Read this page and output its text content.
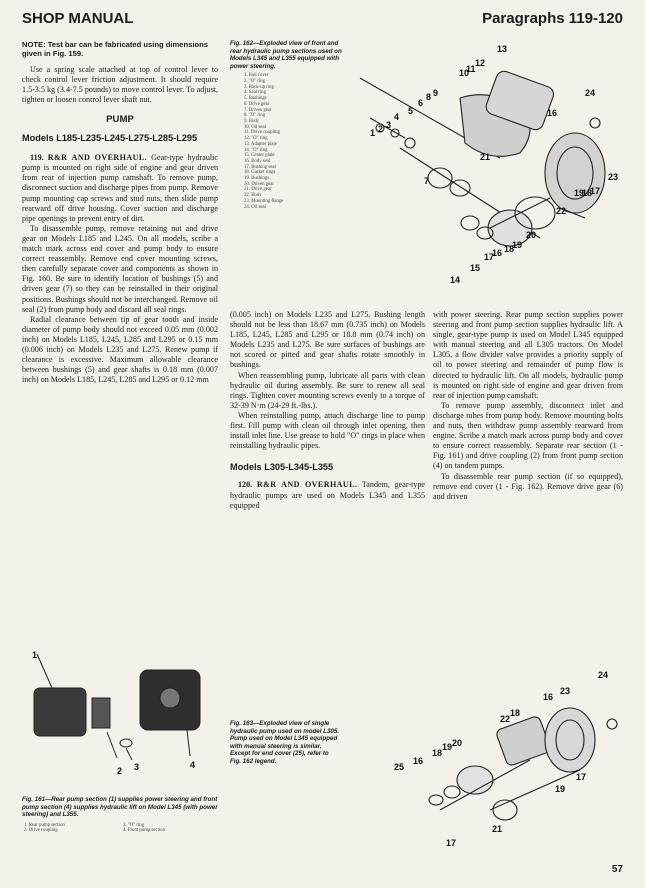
SHOP MANUAL	Paragraphs 119-120
NOTE: Test bar can be fabricated using dimensions given in Fig. 159.

Use a spring scale attached at top of control lever to check control lever friction adjustment. It should require 1.5-3.5 kg (3.4-7.5 pounds) to move control lever. To adjust, tighten or loosen control lever shaft nut.

PUMP
Models L185-L235-L245-L275-L285-L295

119. R&R AND OVERHAUL. Gear-type hydraulic pump is mounted on right side of engine and gear driven from rear of injection pump camshaft. To remove pump, disconnect suction and discharge pipes from pump. Remove pump mounting cap screws and stud nuts, then slide pump rearward off drive housing. Cover suction and discharge pipe openings to prevent entry of dirt.

To disassemble pump, remove retaining nut and drive gear on Models L185 and L245. On all models, scribe a match mark across end cover and pump body to ensure correct reassembly. Remove end cover mounting screws, then carefully separate cover and components as shown in Fig. 160. Be sure to identify location of bushings (5) and driven gear (7) so they can be reinstalled in their original positions. Bushings should not be interchanged. Remove oil seal (2) from pump body and discard all seal rings.

Radial clearance between tip of gear tooth and inside diameter of pump body should not exceed 0.05 mm (0.002 inch) on Models L185, L245, L285 and L295 or 0.15 mm (0.006 inch) on Models L235 and L275. Renew pump if clearance is excessive. Maximum allowable clearance between bushings (5) and gear shafts is 0.18 mm (0.007 inch) on Models L185, L245, L285 and L295 or 0.12 mm

Fig. 162—Exploded view of front and rear hydraulic pump sections used on Models L345 and L355 equipped with power steering.
1. End cover
2. "O" ring
3. Back-up ring
4. Seal ring
5. Bushings
6. Drive gear
7. Driven gear
8. "O" ring
9. Body
10. Oil seal
11. Drive coupling
12. "O" ring
13. Adapter plate
14. "O" ring
15. Center plate
16. Body seal
17. Bushing seal
18. Gasket rings
19. Bushings
20. Driven gear
21. Drive gear
22. Body
23. Mounting flange
24. Oil seal
1 2 3
4
5
6
7
8 9
10
11
12
13
24
16
21
22
19
18
17
23
20
19
18
16
17
15
14

(0.005 inch) on Models L235 and L275. Bushing length should not be less than 18.67 mm (0.735 inch) on Models L185, L245, L285 and L295 or 18.8 mm (0.74 inch) on Models L235 and L275. Be sure surfaces of bushings are not scored or pitted and gear shafts rotate smoothly in bushings.

When reassembling pump, lubricate all parts with clean hydraulic oil during assembly. Be sure to renew all seal rings. Tighten cover mounting screws evenly to a torque of 32-39 N·m (24-29 ft.-lbs.).

When reinstalling pump, attach discharge line to pump first. Fill pump with clean oil through inlet opening, then install inlet line. Use grease to hold "O" rings in place when reinstalling hydraulic pipes.

Models L305-L345-L355

120. R&R AND OVERHAUL. Tandem, gear-type hydraulic pumps are used on Models L345 and L355 equipped

with power steering. Rear pump section supplies power steering and front pump section supplies hydraulic lift. A single, gear-type pump is used on Model L345 equipped with manual steering and all L305 tractors. On Model L305, a flow divider valve provides a priority supply of oil to power steering and remainder of pump flow is directed to hydraulic lift. On all models, hydraulic pump is mounted on right side of engine and gear driven from rear of injection pump camshaft.

To remove pump assembly, disconnect inlet and discharge tubes from pump body. Remove mounting bolts and nuts, then withdraw pump assembly rearward from engine. Scribe a match mark across pump body and cover to ensure correct reassembly. Separate rear section (1 - Fig. 161) and drive coupling (2) from front pump section (4) on tandem pumps.

To disassemble rear pump section (if so equipped), remove end cover (1 - Fig. 162). Remove drive gear (6) and driven

1
2 3	4
Fig. 161—Rear pump section (1) supplies power steering and front pump section (4) supplies hydraulic lift on Model L345 (with power steering) and L355.
1. Rear pump section	3. "O" ring
2. Drive coupling	4. Front pump section
Fig. 163—Exploded view of single hydraulic pump used on model L305. Pump used on Model L345 equipped with manual steering is similar. Except for end cover (25), refer to Fig. 162 legend.
24
23
16
18
22
19 20
18
16
25
17
19
21
17
57
